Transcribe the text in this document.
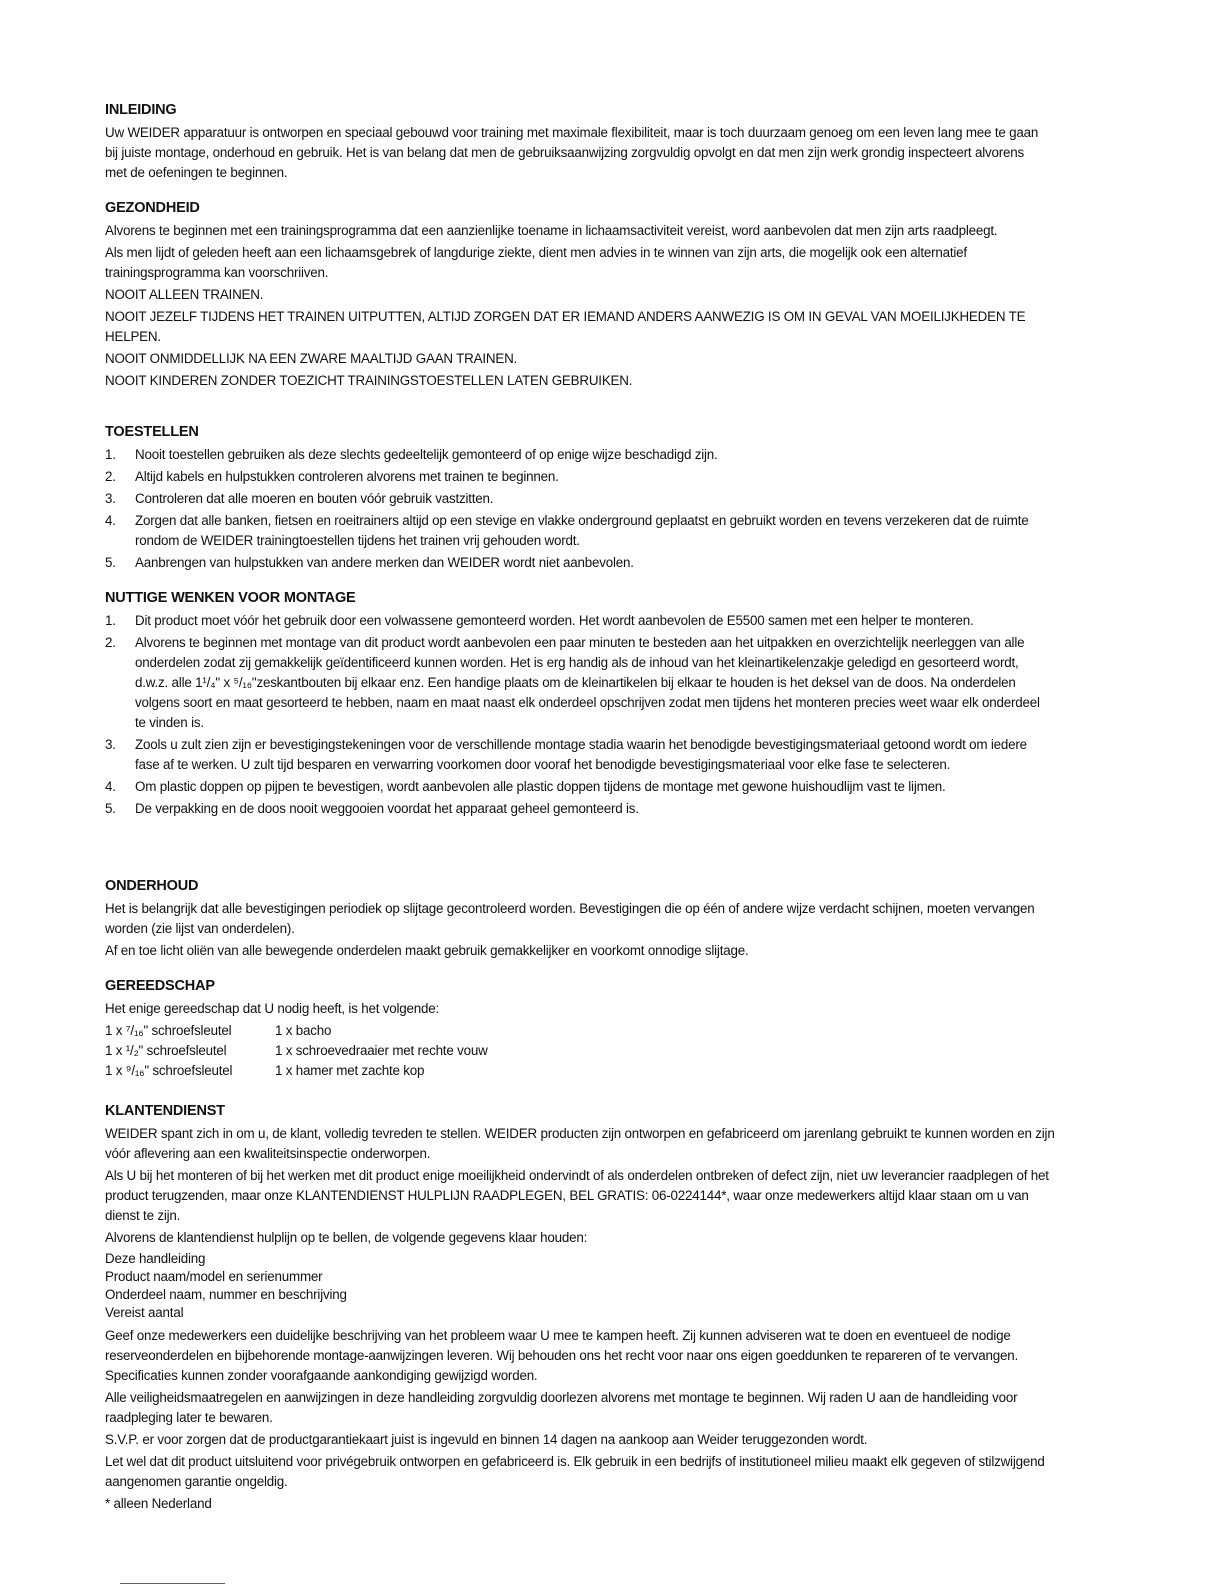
INLEIDING
Uw WEIDER apparatuur is ontworpen en speciaal gebouwd voor training met maximale flexibiliteit, maar is toch duurzaam genoeg om een leven lang mee te gaan bij juiste montage, onderhoud en gebruik. Het is van belang dat men de gebruiksaanwijzing zorgvuldig opvolgt en dat men zijn werk grondig inspecteert alvorens met de oefeningen te beginnen.
GEZONDHEID
Alvorens te beginnen met een trainingsprogramma dat een aanzienlijke toename in lichaamsactiviteit vereist, word aanbevolen dat men zijn arts raadpleegt.
Als men lijdt of geleden heeft aan een lichaamsgebrek of langdurige ziekte, dient men advies in te winnen van zijn arts, die mogelijk ook een alternatief trainingsprogramma kan voorschriiven.
NOOIT ALLEEN TRAINEN.
NOOIT JEZELF TIJDENS HET TRAINEN UITPUTTEN, ALTIJD ZORGEN DAT ER IEMAND ANDERS AANWEZIG IS OM IN GEVAL VAN MOEILIJKHEDEN TE HELPEN.
NOOIT ONMIDDELLIJK NA EEN ZWARE MAALTIJD GAAN TRAINEN.
NOOIT KINDEREN ZONDER TOEZICHT TRAININGSTOESTELLEN LATEN GEBRUIKEN.
TOESTELLEN
1. Nooit toestellen gebruiken als deze slechts gedeeltelijk gemonteerd of op enige wijze beschadigd zijn.
2. Altijd kabels en hulpstukken controleren alvorens met trainen te beginnen.
3. Controleren dat alle moeren en bouten vóór gebruik vastzitten.
4. Zorgen dat alle banken, fietsen en roeitrainers altijd op een stevige en vlakke onderground geplaatst en gebruikt worden en tevens verzekeren dat de ruimte rondom de WEIDER trainingtoestellen tijdens het trainen vrij gehouden wordt.
5. Aanbrengen van hulpstukken van andere merken dan WEIDER wordt niet aanbevolen.
NUTTIGE WENKEN VOOR MONTAGE
1. Dit product moet vóór het gebruik door een volwassene gemonteerd worden. Het wordt aanbevolen de E5500 samen met een helper te monteren.
2. Alvorens te beginnen met montage van dit product wordt aanbevolen een paar minuten te besteden aan het uitpakken en overzichtelijk neerleggen van alle onderdelen zodat zij gemakkelijk geïdentificeerd kunnen worden. Het is erg handig als de inhoud van het kleinartikelenzakje geledigd en gesorteerd wordt, d.w.z. alle 1¹/₄" x ⁵/₁₆"zeskantbouten bij elkaar enz. Een handige plaats om de kleinartikelen bij elkaar te houden is het deksel van de doos. Na onderdelen volgens soort en maat gesorteerd te hebben, naam en maat naast elk onderdeel opschrijven zodat men tijdens het monteren precies weet waar elk onderdeel te vinden is.
3. Zools u zult zien zijn er bevestigingstekeningen voor de verschillende montage stadia waarin het benodigde bevestigingsmateriaal getoond wordt om iedere fase af te werken. U zult tijd besparen en verwarring voorkomen door vooraf het benodigde bevestigingsmateriaal voor elke fase te selecteren.
4. Om plastic doppen op pijpen te bevestigen, wordt aanbevolen alle plastic doppen tijdens de montage met gewone huishoudlijm vast te lijmen.
5. De verpakking en de doos nooit weggooien voordat het apparaat geheel gemonteerd is.
ONDERHOUD
Het is belangrijk dat alle bevestigingen periodiek op slijtage gecontroleerd worden. Bevestigingen die op één of andere wijze verdacht schijnen, moeten vervangen worden (zie lijst van onderdelen).
Af en toe licht oliën van alle bewegende onderdelen maakt gebruik gemakkelijker en voorkomt onnodige slijtage.
GEREEDSCHAP
Het enige gereedschap dat U nodig heeft, is het volgende:
1 x ⁷/₁₆" schroefsleutel	1 x bacho
1 x ¹/₂" schroefsleutel	1 x schroevedraaier met rechte vouw
1 x ⁹/₁₆" schroefsleutel	1 x hamer met zachte kop
KLANTENDIENST
WEIDER spant zich in om u, de klant, volledig tevreden te stellen. WEIDER producten zijn ontworpen en gefabriceerd om jarenlang gebruikt te kunnen worden en zijn vóór aflevering aan een kwaliteitsinspectie onderworpen.
Als U bij het monteren of bij het werken met dit product enige moeilijkheid ondervindt of als onderdelen ontbreken of defect zijn, niet uw leverancier raadplegen of het product terugzenden, maar onze KLANTENDIENST HULPLIJN RAADPLEGEN, BEL GRATIS: 06-0224144*, waar onze medewerkers altijd klaar staan om u van dienst te zijn.
Alvorens de klantendienst hulplijn op te bellen, de volgende gegevens klaar houden:
Deze handleiding
Product naam/model en serienummer
Onderdeel naam, nummer en beschrijving
Vereist aantal
Geef onze medewerkers een duidelijke beschrijving van het probleem waar U mee te kampen heeft. Zij kunnen adviseren wat te doen en eventueel de nodige reserveonderdelen en bijbehorende montage-aanwijzingen leveren. Wij behouden ons het recht voor naar ons eigen goeddunken te repareren of te vervangen. Specificaties kunnen zonder voorafgaande aankondiging gewijzigd worden.
Alle veiligheidsmaatregelen en aanwijzingen in deze handleiding zorgvuldig doorlezen alvorens met montage te beginnen. Wij raden U aan de handleiding voor raadpleging later te bewaren.
S.V.P. er voor zorgen dat de productgarantiekaart juist is ingevuld en binnen 14 dagen na aankoop aan Weider teruggezonden wordt.
Let wel dat dit product uitsluitend voor privégebruik ontworpen en gefabriceerd is. Elk gebruik in een bedrijfs of institutioneel milieu maakt elk gegeven of stilzwijgend aangenomen garantie ongeldig.
* alleen Nederland
